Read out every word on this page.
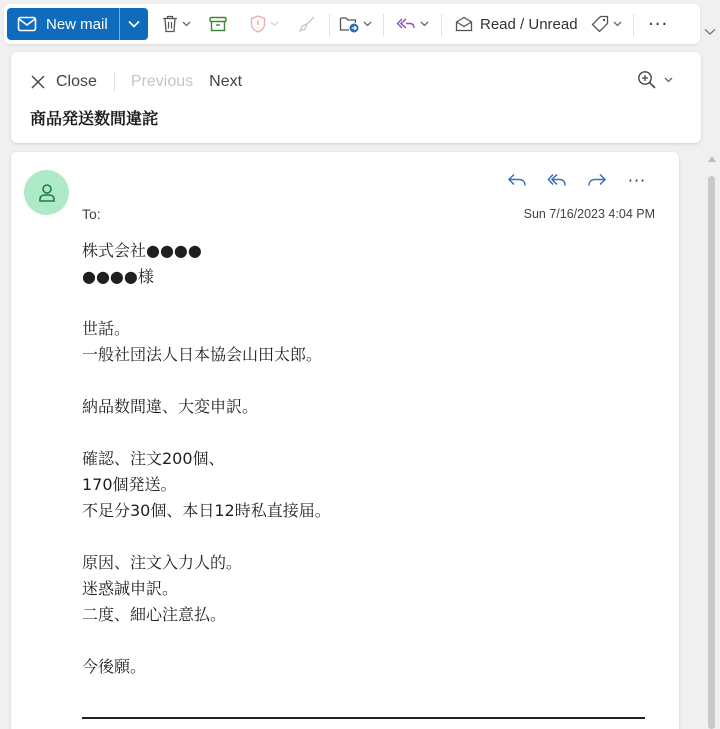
New mail	Read / Unread	···
Close Previous Next
商品発送数間違詫
···
To:	Sun 7/16/2023 4:04 PM
株式会社●●●●
●●●●様
世話。
一般社団法人日本協会山田太郎。
納品数間違、大変申訳。
確認、注文200個、
170個発送。
不足分30個、本日12時私直接届。
原因、注文入力人的。
迷惑誠申訳。
二度、細心注意払。
今後願。
